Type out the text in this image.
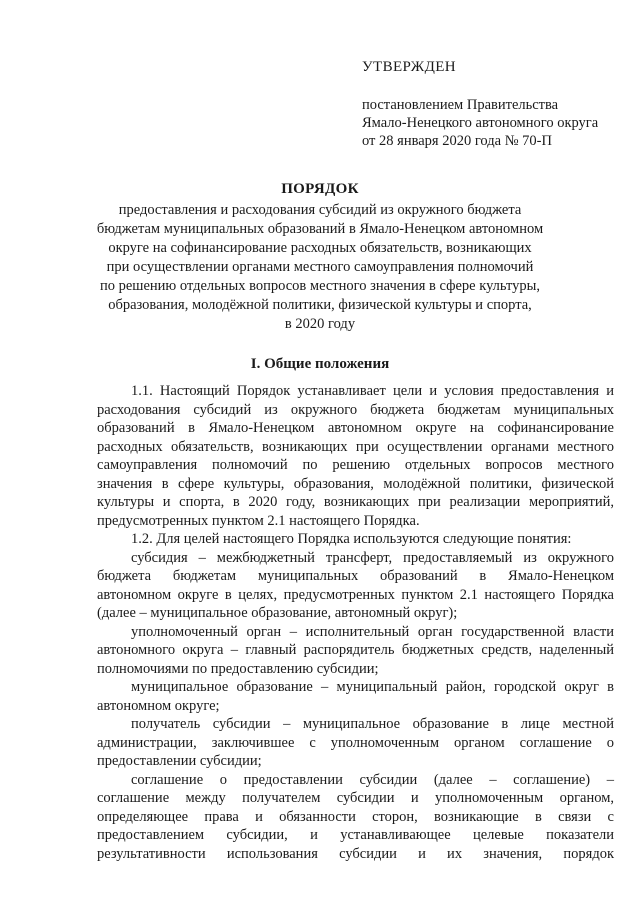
УТВЕРЖДЕН
постановлением Правительства
Ямало-Ненецкого автономного округа
от 28 января 2020 года № 70-П
ПОРЯДОК
предоставления и расходования субсидий из окружного бюджета
бюджетам муниципальных образований в Ямало-Ненецком автономном
округе на софинансирование расходных обязательств, возникающих
при осуществлении органами местного самоуправления полномочий
по решению отдельных вопросов местного значения в сфере культуры,
образования, молодёжной политики, физической культуры и спорта,
в 2020 году
I. Общие положения
1.1. Настоящий Порядок устанавливает цели и условия предоставления и
расходования субсидий из окружного бюджета бюджетам муниципальных
образований в Ямало-Ненецком автономном округе на софинансирование
расходных обязательств, возникающих при осуществлении органами местного
самоуправления полномочий по решению отдельных вопросов местного
значения в сфере культуры, образования, молодёжной политики, физической
культуры и спорта, в 2020 году, возникающих при реализации мероприятий,
предусмотренных пунктом 2.1 настоящего Порядка.
1.2. Для целей настоящего Порядка используются следующие понятия:
субсидия – межбюджетный трансферт, предоставляемый из окружного
бюджета бюджетам муниципальных образований в Ямало-Ненецком
автономном округе в целях, предусмотренных пунктом 2.1 настоящего Порядка
(далее – муниципальное образование, автономный округ);
уполномоченный орган – исполнительный орган государственной власти
автономного округа – главный распорядитель бюджетных средств, наделенный
полномочиями по предоставлению субсидии;
муниципальное образование – муниципальный район, городской округ в
автономном округе;
получатель субсидии – муниципальное образование в лице местной
администрации, заключившее с уполномоченным органом соглашение о
предоставлении субсидии;
соглашение о предоставлении субсидии (далее – соглашение) –
соглашение между получателем субсидии и уполномоченным органом,
определяющее права и обязанности сторон, возникающие в связи с
предоставлением субсидии, и устанавливающее целевые показатели
результативности использования субсидии и их значения, порядок
